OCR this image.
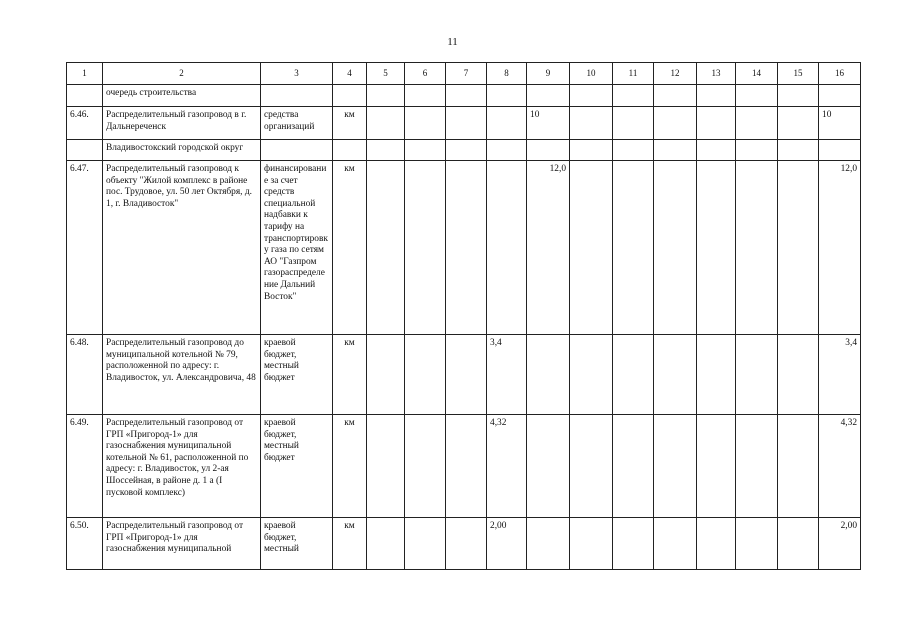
11
1	2	3	4	5	6	7	8	9	10	11	12	13	14	15	16
	очередь строительства														
6.46.	Распределительный газопровод в г. Дальнереченск	средства организаций	км					10							10
	Владивостокский городской округ														
6.47.	Распределительный газопровод к объекту "Жилой комплекс в районе пос. Трудовое, ул. 50 лет Октября, д. 1, г. Владивосток"	финансирование за счет средств специальной надбавки к тарифу на транспортировку газа по сетям АО "Газпром газораспределение Дальний Восток"	км					12,0							12,0
6.48.	Распределительный газопровод до муниципальной котельной № 79, расположенной по адресу: г. Владивосток, ул. Александровича, 48	краевой бюджет, местный бюджет	км				3,4								3,4
6.49.	Распределительный газопровод от ГРП «Пригород-1» для газоснабжения муниципальной котельной № 61, расположенной по адресу: г. Владивосток, ул 2-ая Шоссейная, в районе д. 1 а (I пусковой комплекс)	краевой бюджет, местный бюджет	км				4,32								4,32
6.50.	Распределительный газопровод от ГРП «Пригород-1» для газоснабжения муниципальной	краевой бюджет, местный	км				2,00								2,00
